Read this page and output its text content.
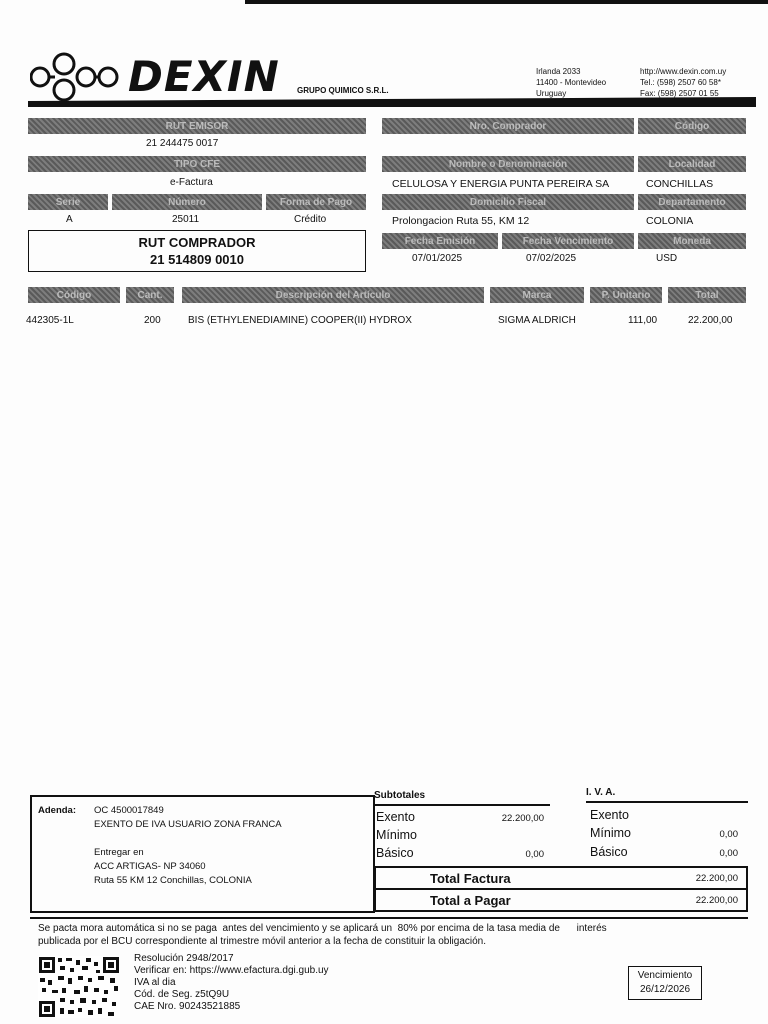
DEXIN GRUPO QUIMICO S.R.L.
Irlanda 2033
11400 - Montevideo
Uruguay
http://www.dexin.com.uy
Tel.: (598) 2507 60 58*
Fax: (598) 2507 01 55
RUT EMISOR
21 244475 0017
TIPO CFE
e-Factura
Serie	Número	Forma de Pago
A	25011	Crédito
RUT COMPRADOR
21 514809 0010
Nro. Comprador	Código
Nombre o Denominación	Localidad
CELULOSA Y ENERGIA PUNTA PEREIRA SA	CONCHILLAS
Domicilio Fiscal	Departamento
Prolongacion Ruta 55, KM 12	COLONIA
Fecha Emisión	Fecha Vencimiento	Moneda
07/01/2025	07/02/2025	USD
Código	Cant.	Descripción del Artículo	Marca	P. Unitario	Total
442305-1L	200	BIS (ETHYLENEDIAMINE) COOPER(II) HYDROX	SIGMA ALDRICH	111,00	22.200,00
Adenda: OC 4500017849
EXENTO DE IVA USUARIO ZONA FRANCA
Entregar en
ACC ARTIGAS- NP 34060
Ruta 55 KM 12 Conchillas, COLONIA
Subtotales
Exento	22.200,00
Mínimo
Básico	0,00
I. V. A.
Exento
Mínimo	0,00
Básico	0,00
Total Factura	22.200,00
Total a Pagar	22.200,00
Se pacta mora automática si no se paga  antes del vencimiento y se aplicará un  80% por encima de la tasa media de      interés
publicada por el BCU correspondiente al trimestre móvil anterior a la fecha de constituir la obligación.
Resolución 2948/2017
Verificar en: https://www.efactura.dgi.gub.uy
IVA al dia
Cód. de Seg. z5tQ9U
CAE Nro. 90243521885
Vencimiento
26/12/2026
